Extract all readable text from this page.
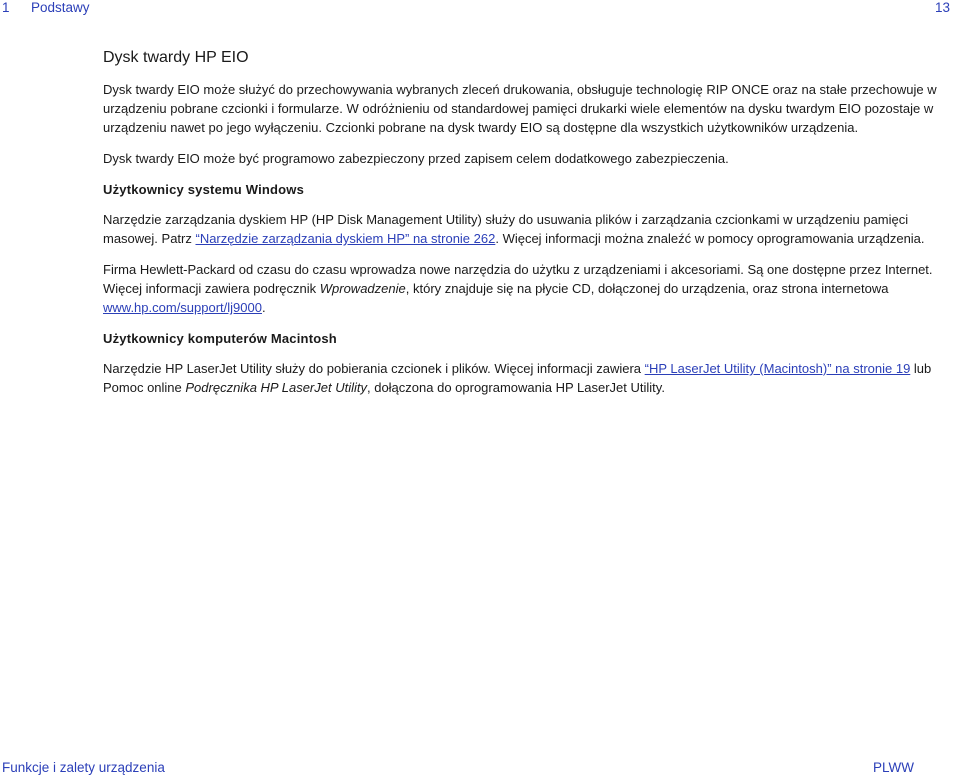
1 Podstawy	13
Dysk twardy HP EIO

Dysk twardy EIO może służyć do przechowywania wybranych zleceń drukowania, obsługuje technologię RIP ONCE oraz na stałe przechowuje w urządzeniu pobrane czcionki i formularze. W odróżnieniu od standardowej pamięci drukarki wiele elementów na dysku twardym EIO pozostaje w urządzeniu nawet po jego wyłączeniu. Czcionki pobrane na dysk twardy EIO są dostępne dla wszystkich użytkowników urządzenia.

Dysk twardy EIO może być programowo zabezpieczony przed zapisem celem dodatkowego zabezpieczenia.

Użytkownicy systemu Windows

Narzędzie zarządzania dyskiem HP (HP Disk Management Utility) służy do usuwania plików i zarządzania czcionkami w urządzeniu pamięci masowej. Patrz “Narzędzie zarządzania dyskiem HP” na stronie 262. Więcej informacji można znaleźć w pomocy oprogramowania urządzenia.

Firma Hewlett-Packard od czasu do czasu wprowadza nowe narzędzia do użytku z urządzeniami i akcesoriami. Są one dostępne przez Internet. Więcej informacji zawiera podręcznik Wprowadzenie, który znajduje się na płycie CD, dołączonej do urządzenia, oraz strona internetowa www.hp.com/support/lj9000.

Użytkownicy komputerów Macintosh

Narzędzie HP LaserJet Utility służy do pobierania czcionek i plików. Więcej informacji zawiera “HP LaserJet Utility (Macintosh)” na stronie 19 lub Pomoc online Podręcznika HP LaserJet Utility, dołączona do oprogramowania HP LaserJet Utility.

Funkcje i zalety urządzenia	PLWW
